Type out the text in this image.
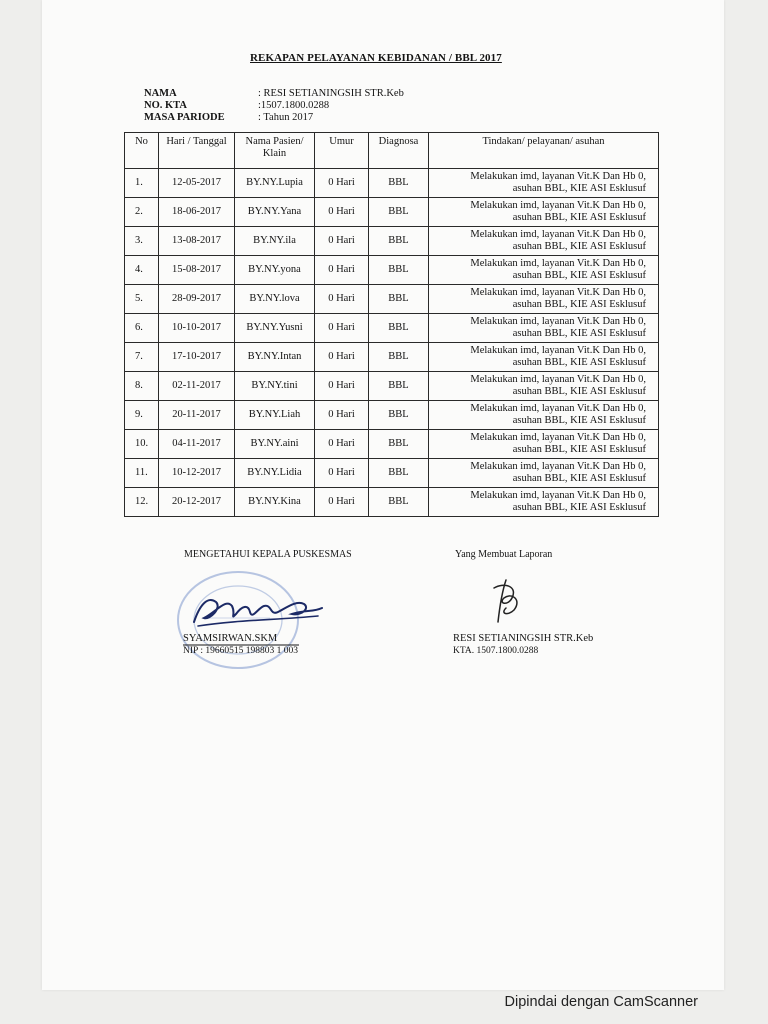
REKAPAN PELAYANAN KEBIDANAN / BBL 2017
NAMA	: RESI SETIANINGSIH STR.Keb
NO. KTA	:1507.1800.0288
MASA PARIODE	: Tahun 2017
No	Hari / Tanggal	Nama Pasien/ Klain	Umur	Diagnosa	Tindakan/ pelayanan/ asuhan
1.	12-05-2017	BY.NY.Lupia	0 Hari	BBL	Melakukan imd, layanan Vit.K Dan Hb 0,
asuhan BBL, KIE ASI Esklusuf

2.	18-06-2017	BY.NY.Yana	0 Hari	BBL	Melakukan imd, layanan Vit.K Dan Hb 0,
asuhan BBL, KIE ASI Esklusuf

3.	13-08-2017	BY.NY.ila	0 Hari	BBL	Melakukan imd, layanan Vit.K Dan Hb 0,
asuhan BBL, KIE ASI Esklusuf

4.	15-08-2017	BY.NY.yona	0 Hari	BBL	Melakukan imd, layanan Vit.K Dan Hb 0,
asuhan BBL, KIE ASI Esklusuf

5.	28-09-2017	BY.NY.lova	0 Hari	BBL	Melakukan imd, layanan Vit.K Dan Hb 0,
asuhan BBL, KIE ASI Esklusuf

6.	10-10-2017	BY.NY.Yusni	0 Hari	BBL	Melakukan imd, layanan Vit.K Dan Hb 0,
asuhan BBL, KIE ASI Esklusuf

7.	17-10-2017	BY.NY.Intan	0 Hari	BBL	Melakukan imd, layanan Vit.K Dan Hb 0,
asuhan BBL, KIE ASI Esklusuf

8.	02-11-2017	BY.NY.tini	0 Hari	BBL	Melakukan imd, layanan Vit.K Dan Hb 0,
asuhan BBL, KIE ASI Esklusuf

9.	20-11-2017	BY.NY.Liah	0 Hari	BBL	Melakukan imd, layanan Vit.K Dan Hb 0,
asuhan BBL, KIE ASI Esklusuf

10.	04-11-2017	BY.NY.aini	0 Hari	BBL	Melakukan imd, layanan Vit.K Dan Hb 0,
asuhan BBL, KIE ASI Esklusuf

11.	10-12-2017	BY.NY.Lidia	0 Hari	BBL	Melakukan imd, layanan Vit.K Dan Hb 0,
asuhan BBL, KIE ASI Esklusuf

12.	20-12-2017	BY.NY.Kina	0 Hari	BBL	Melakukan imd, layanan Vit.K Dan Hb 0,
asuhan BBL, KIE ASI Esklusuf
MENGETAHUI KEPALA PUSKESMAS	Yang Membuat Laporan
SYAMSIRWAN.SKM
NIP : 19660515 198803 1 003
RESI SETIANINGSIH STR.Keb
KTA. 1507.1800.0288
Dipindai dengan CamScanner
